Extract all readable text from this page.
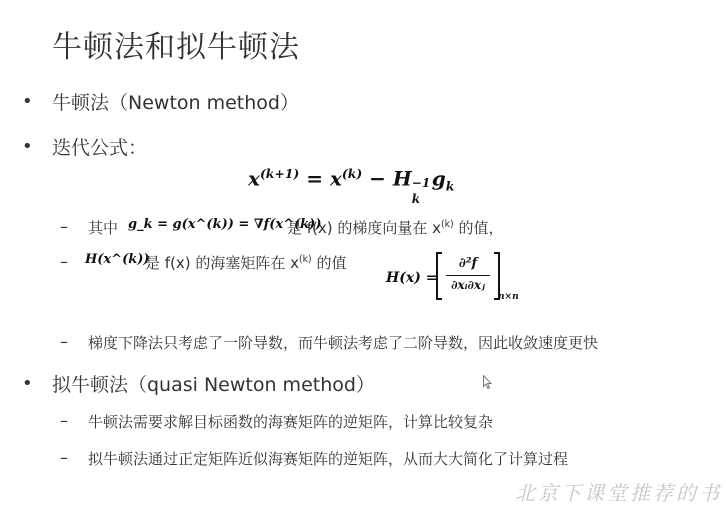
牛顿法和拟牛顿法
• 牛顿法（Newton method）
• 迭代公式：
$x^{(k+1)} = x^{(k)} - H -1$
k
$g_k$
– 其中 g_k = g(x^(k)) = ∇f(x^(k))
是 f(x) 的梯度向量在 $x^{(k)}$ 的值，
– H(x^(k))
是 f(x) 的海塞矩阵在 $x^{(k)}$ 的值
H(x) =
∂²f
∂xᵢ∂xⱼ
n×n
– 梯度下降法只考虑了一阶导数，而牛顿法考虑了二阶导数，因此收敛速度更快
• 拟牛顿法（quasi Newton method）
– 牛顿法需要求解目标函数的海赛矩阵的逆矩阵，计算比较复杂
– 拟牛顿法通过正定矩阵近似海赛矩阵的逆矩阵，从而大大简化了计算过程
北京下课堂推荐的书
